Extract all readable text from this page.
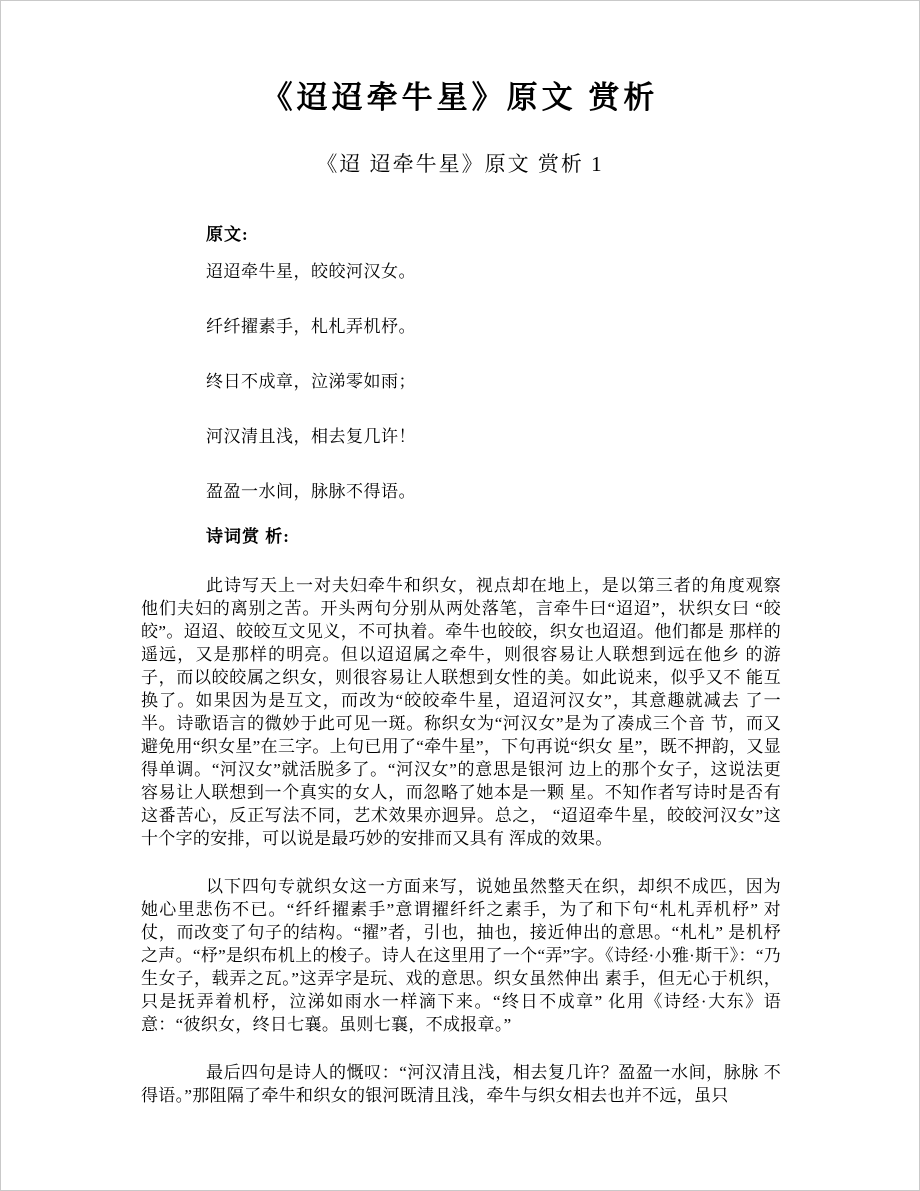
《迢迢牵牛星》原文 赏析
《迢 迢牵牛星》原文 赏析 1

原文:

迢迢牵牛星，皎皎河汉女。

纤纤擢素手，札札弄机杼。

终日不成章，泣涕零如雨；

河汉清且浅，相去复几许！

盈盈一水间，脉脉不得语。

诗词赏 析:

此诗写天上一对夫妇牵牛和织女，视点却在地上，是以第三者的角度观察 他们夫妇的离别之苦。开头两句分别从两处落笔，言牵牛曰“迢迢”，状织女曰 “皎皎”。迢迢、皎皎互文见义，不可执着。牵牛也皎皎，织女也迢迢。他们都是 那样的遥远，又是那样的明亮。但以迢迢属之牵牛，则很容易让人联想到远在他乡 的游子，而以皎皎属之织女，则很容易让人联想到女性的美。如此说来，似乎又不 能互换了。如果因为是互文，而改为“皎皎牵牛星，迢迢河汉女”，其意趣就减去 了一半。诗歌语言的微妙于此可见一斑。称织女为“河汉女”是为了凑成三个音 节，而又避免用“织女星”在三字。上句已用了“牵牛星”，下句再说“织女 星”，既不押韵，又显得单调。“河汉女”就活脱多了。“河汉女”的意思是银河 边上的那个女子，这说法更容易让人联想到一个真实的女人，而忽略了她本是一颗 星。不知作者写诗时是否有这番苦心，反正写法不同，艺术效果亦迥异。总之， “迢迢牵牛星，皎皎河汉女”这十个字的安排，可以说是最巧妙的安排而又具有 浑成的效果。

以下四句专就织女这一方面来写，说她虽然整天在织，却织不成匹，因为 她心里悲伤不已。“纤纤擢素手”意谓擢纤纤之素手，为了和下句“札札弄机杼” 对仗，而改变了句子的结构。“擢”者，引也，抽也，接近伸出的意思。“札札” 是机杼之声。“杼”是织布机上的梭子。诗人在这里用了一个“弄”字。《诗经·小雅·斯干》：“乃生女子，载弄之瓦。”这弄字是玩、戏的意思。织女虽然伸出 素手，但无心于机织，只是抚弄着机杼，泣涕如雨水一样滴下来。“终日不成章” 化用《诗经·大东》语意：“彼织女，终日七襄。虽则七襄，不成报章。”

最后四句是诗人的慨叹：“河汉清且浅，相去复几许？盈盈一水间，脉脉 不得语。”那阻隔了牵牛和织女的银河既清且浅，牵牛与织女相去也并不远，虽只
